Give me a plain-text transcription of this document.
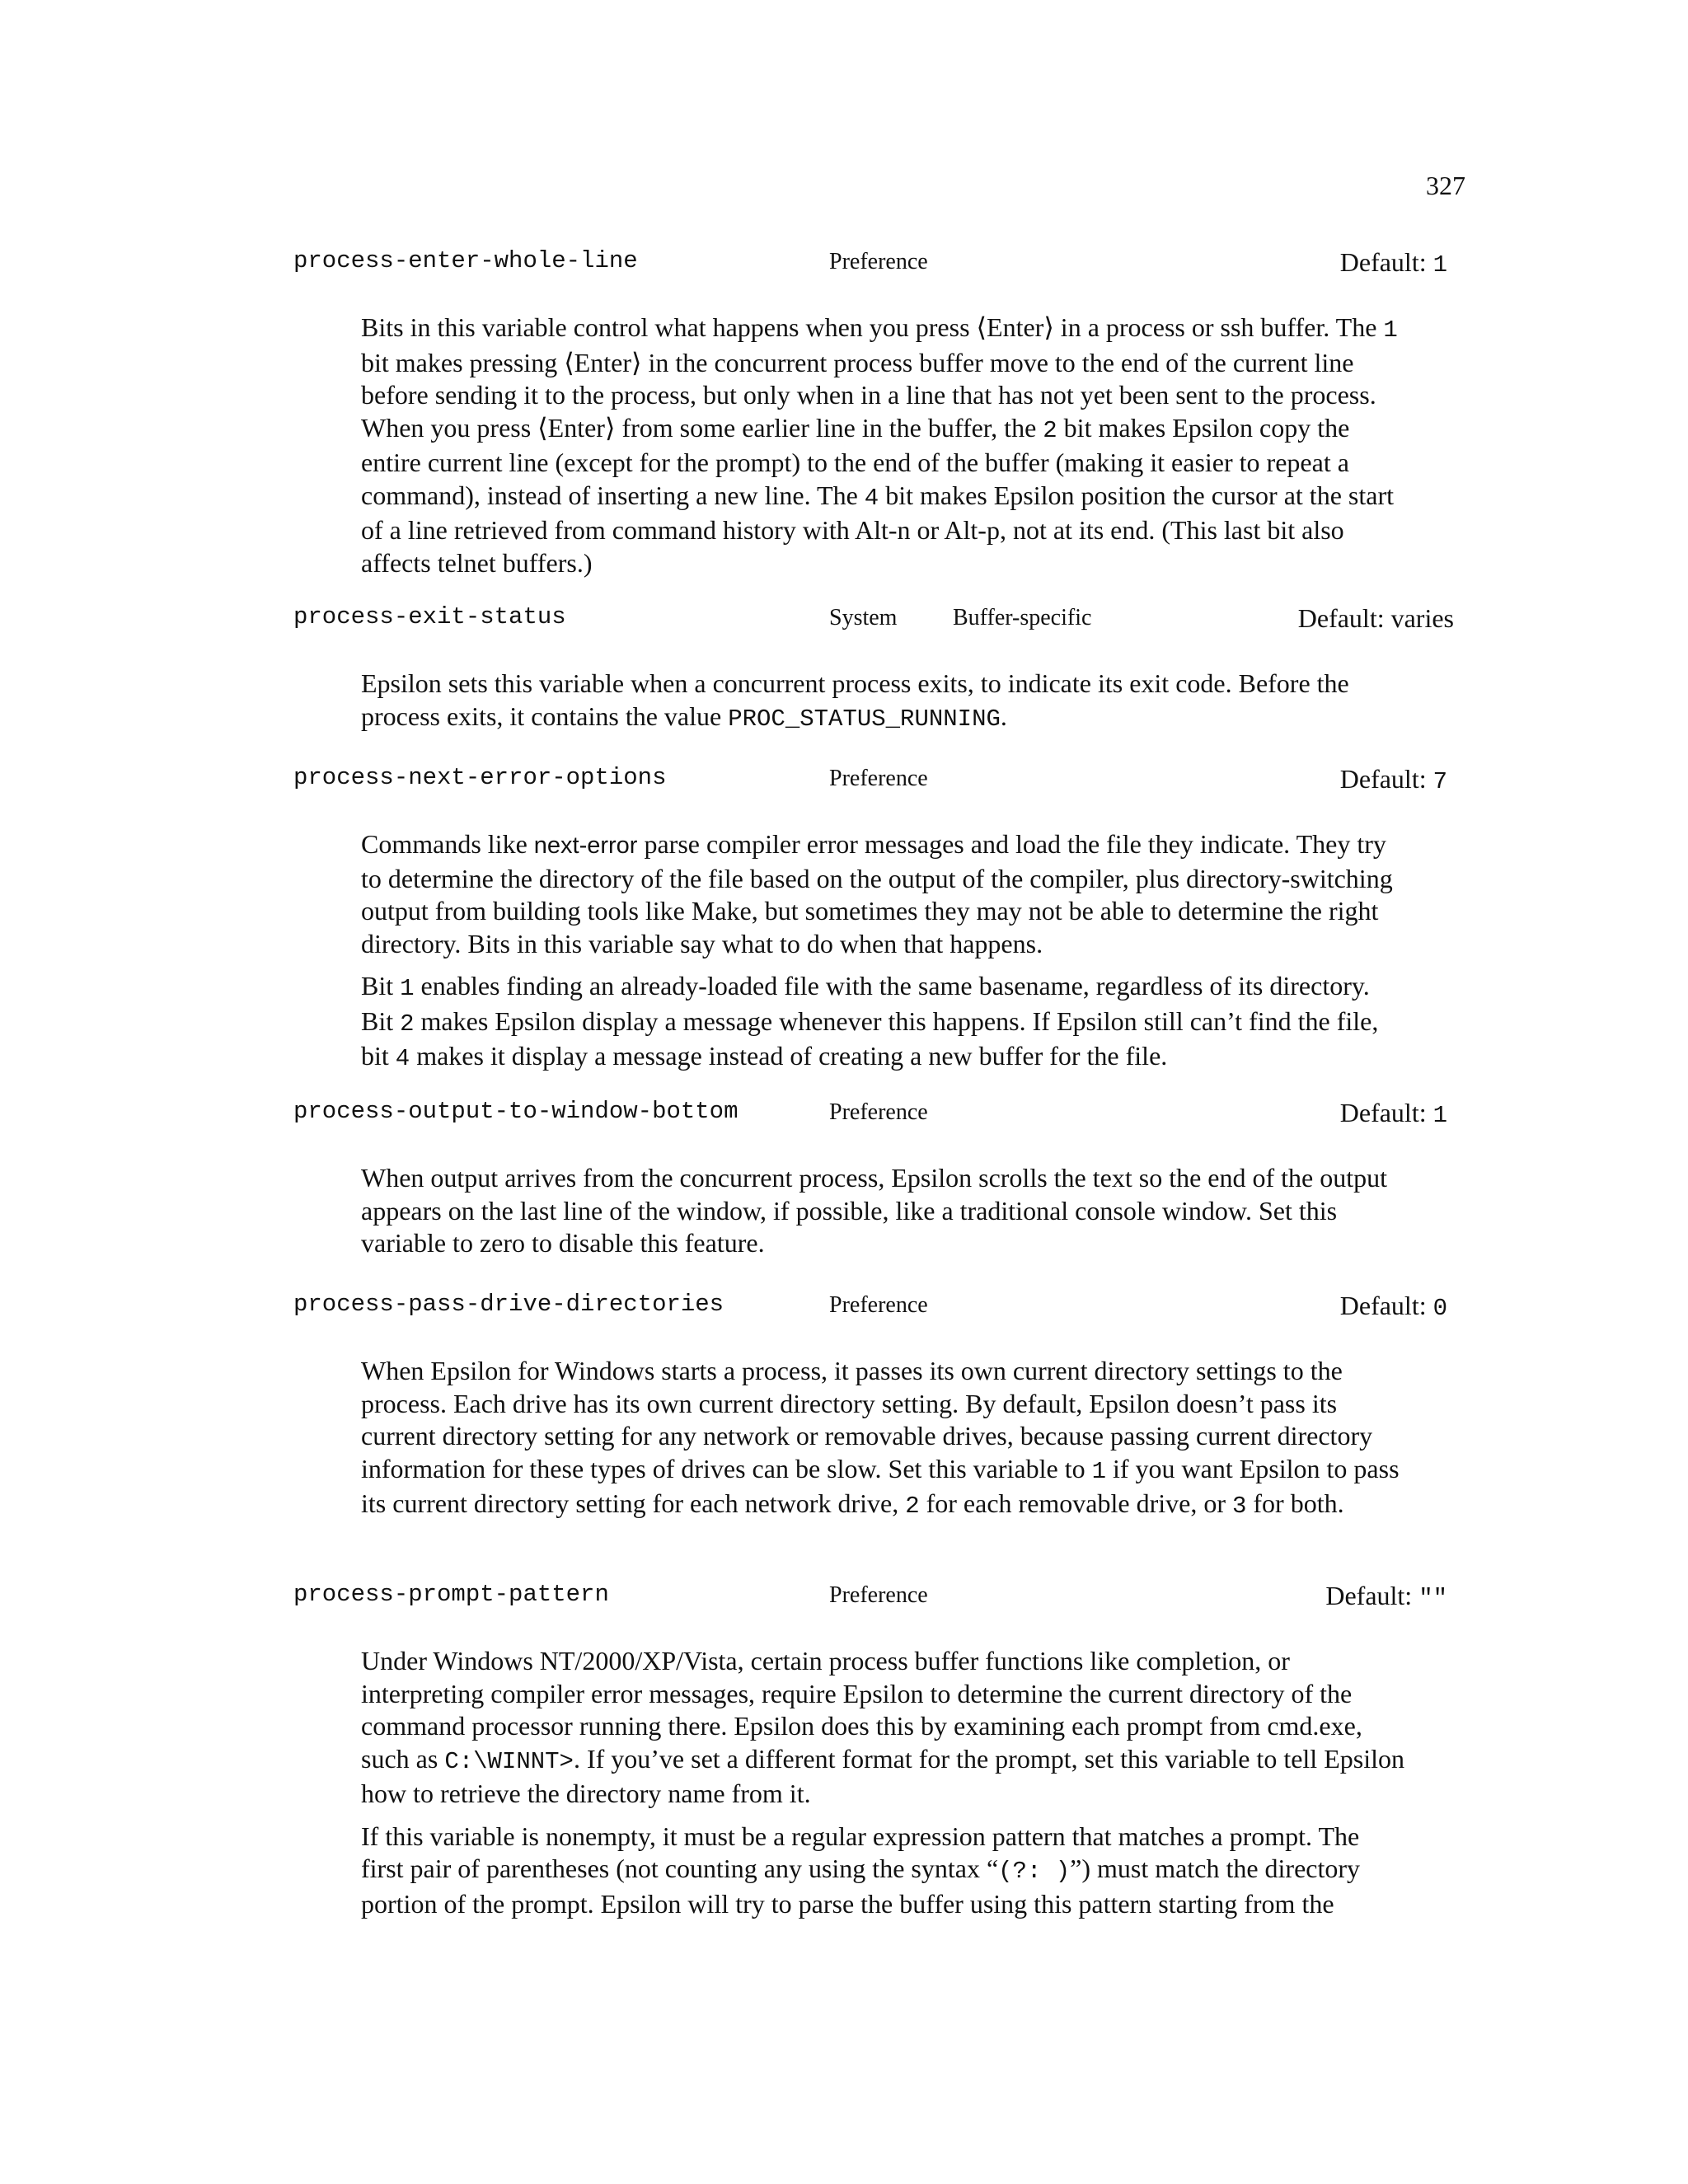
327
process-enter-whole-line	Preference	Default: 1

Bits in this variable control what happens when you press ⟨Enter⟩ in a process or ssh buffer. The 1 bit makes pressing ⟨Enter⟩ in the concurrent process buffer move to the end of the current line before sending it to the process, but only when in a line that has not yet been sent to the process. When you press ⟨Enter⟩ from some earlier line in the buffer, the 2 bit makes Epsilon copy the entire current line (except for the prompt) to the end of the buffer (making it easier to repeat a command), instead of inserting a new line. The 4 bit makes Epsilon position the cursor at the start of a line retrieved from command history with Alt-n or Alt-p, not at its end. (This last bit also affects telnet buffers.)

process-exit-status	System Buffer-specific	Default: varies

Epsilon sets this variable when a concurrent process exits, to indicate its exit code. Before the process exits, it contains the value PROC_STATUS_RUNNING.

process-next-error-options	Preference	Default: 7

Commands like next-error parse compiler error messages and load the file they indicate. They try to determine the directory of the file based on the output of the compiler, plus directory-switching output from building tools like Make, but sometimes they may not be able to determine the right directory. Bits in this variable say what to do when that happens.

Bit 1 enables finding an already-loaded file with the same basename, regardless of its directory. Bit 2 makes Epsilon display a message whenever this happens. If Epsilon still can’t find the file, bit 4 makes it display a message instead of creating a new buffer for the file.

process-output-to-window-bottom	Preference	Default: 1

When output arrives from the concurrent process, Epsilon scrolls the text so the end of the output appears on the last line of the window, if possible, like a traditional console window. Set this variable to zero to disable this feature.

process-pass-drive-directories	Preference	Default: 0

When Epsilon for Windows starts a process, it passes its own current directory settings to the process. Each drive has its own current directory setting. By default, Epsilon doesn’t pass its current directory setting for any network or removable drives, because passing current directory information for these types of drives can be slow. Set this variable to 1 if you want Epsilon to pass its current directory setting for each network drive, 2 for each removable drive, or 3 for both.

process-prompt-pattern	Preference	Default: ""

Under Windows NT/2000/XP/Vista, certain process buffer functions like completion, or interpreting compiler error messages, require Epsilon to determine the current directory of the command processor running there. Epsilon does this by examining each prompt from cmd.exe, such as C:\WINNT>. If you’ve set a different format for the prompt, set this variable to tell Epsilon how to retrieve the directory name from it.

If this variable is nonempty, it must be a regular expression pattern that matches a prompt. The first pair of parentheses (not counting any using the syntax “(?: )”) must match the directory portion of the prompt. Epsilon will try to parse the buffer using this pattern starting from the
